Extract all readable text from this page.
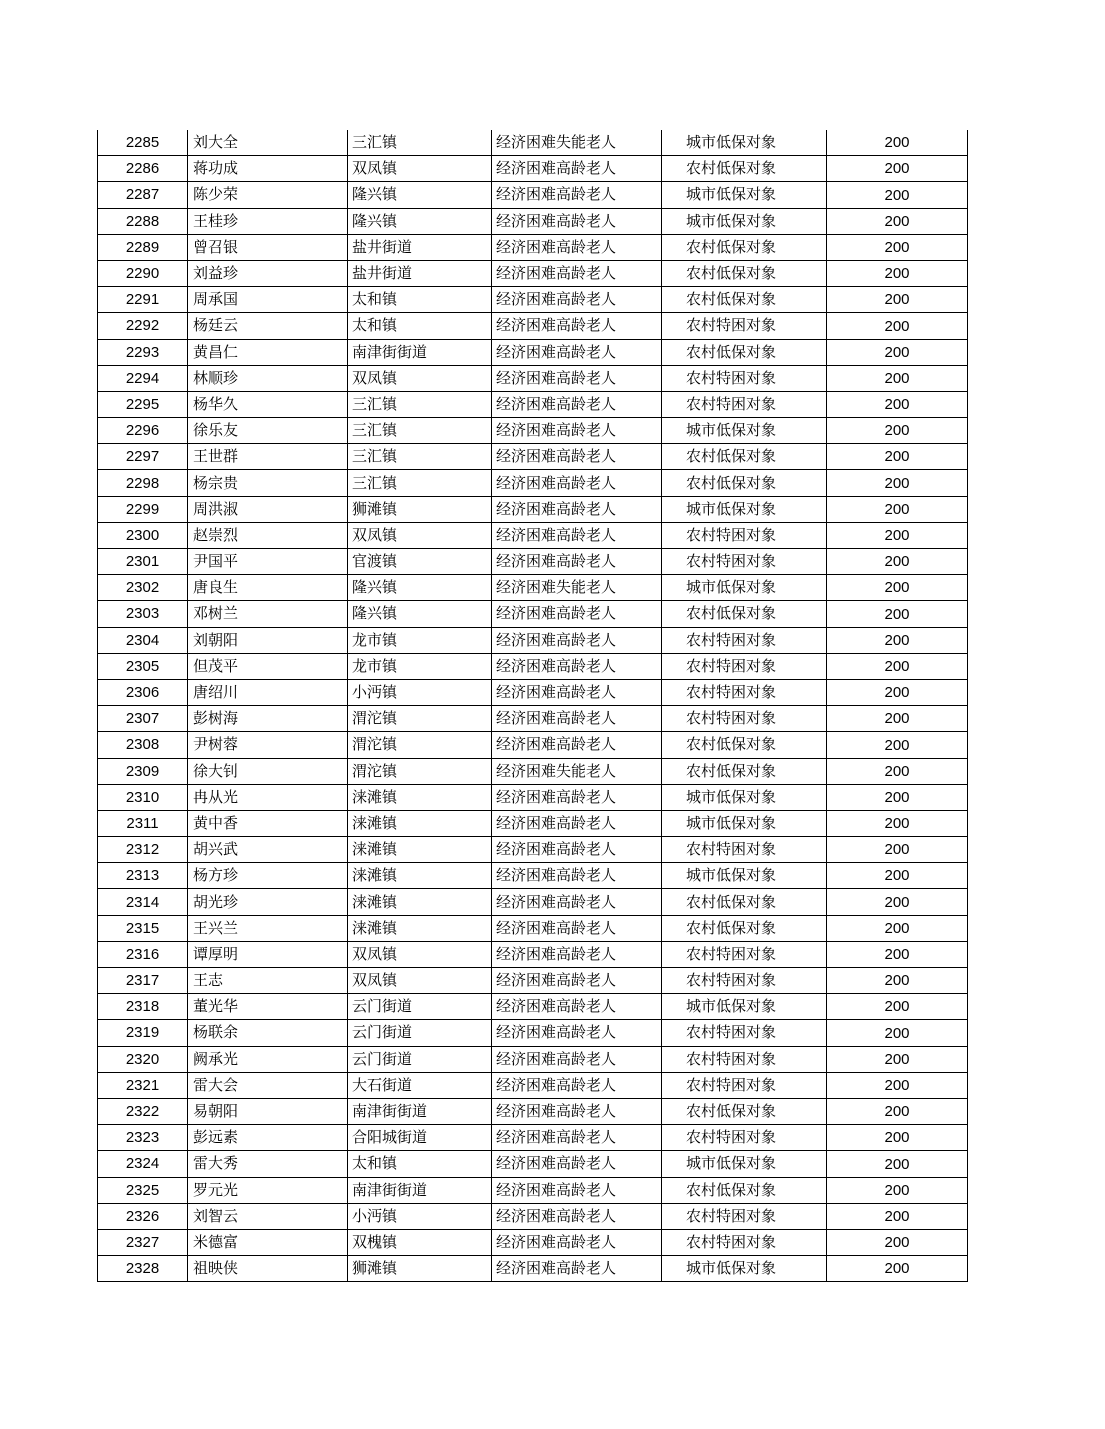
2285	刘大全	三汇镇	经济困难失能老人	城市低保对象	200
2286	蒋功成	双凤镇	经济困难高龄老人	农村低保对象	200
2287	陈少荣	隆兴镇	经济困难高龄老人	城市低保对象	200
2288	王桂珍	隆兴镇	经济困难高龄老人	城市低保对象	200
2289	曾召银	盐井街道	经济困难高龄老人	农村低保对象	200
2290	刘益珍	盐井街道	经济困难高龄老人	农村低保对象	200
2291	周承国	太和镇	经济困难高龄老人	农村低保对象	200
2292	杨廷云	太和镇	经济困难高龄老人	农村特困对象	200
2293	黄昌仁	南津街街道	经济困难高龄老人	农村低保对象	200
2294	林顺珍	双凤镇	经济困难高龄老人	农村特困对象	200
2295	杨华久	三汇镇	经济困难高龄老人	农村特困对象	200
2296	徐乐友	三汇镇	经济困难高龄老人	城市低保对象	200
2297	王世群	三汇镇	经济困难高龄老人	农村低保对象	200
2298	杨宗贵	三汇镇	经济困难高龄老人	农村低保对象	200
2299	周洪淑	狮滩镇	经济困难高龄老人	城市低保对象	200
2300	赵崇烈	双凤镇	经济困难高龄老人	农村特困对象	200
2301	尹国平	官渡镇	经济困难高龄老人	农村特困对象	200
2302	唐良生	隆兴镇	经济困难失能老人	城市低保对象	200
2303	邓树兰	隆兴镇	经济困难高龄老人	农村低保对象	200
2304	刘朝阳	龙市镇	经济困难高龄老人	农村特困对象	200
2305	但茂平	龙市镇	经济困难高龄老人	农村特困对象	200
2306	唐绍川	小沔镇	经济困难高龄老人	农村特困对象	200
2307	彭树海	渭沱镇	经济困难高龄老人	农村特困对象	200
2308	尹树蓉	渭沱镇	经济困难高龄老人	农村低保对象	200
2309	徐大钊	渭沱镇	经济困难失能老人	农村低保对象	200
2310	冉从光	涞滩镇	经济困难高龄老人	城市低保对象	200
2311	黄中香	涞滩镇	经济困难高龄老人	城市低保对象	200
2312	胡兴武	涞滩镇	经济困难高龄老人	农村特困对象	200
2313	杨方珍	涞滩镇	经济困难高龄老人	城市低保对象	200
2314	胡光珍	涞滩镇	经济困难高龄老人	农村低保对象	200
2315	王兴兰	涞滩镇	经济困难高龄老人	农村低保对象	200
2316	谭厚明	双凤镇	经济困难高龄老人	农村特困对象	200
2317	王志	双凤镇	经济困难高龄老人	农村特困对象	200
2318	董光华	云门街道	经济困难高龄老人	城市低保对象	200
2319	杨联余	云门街道	经济困难高龄老人	农村特困对象	200
2320	阙承光	云门街道	经济困难高龄老人	农村特困对象	200
2321	雷大会	大石街道	经济困难高龄老人	农村特困对象	200
2322	易朝阳	南津街街道	经济困难高龄老人	农村低保对象	200
2323	彭远素	合阳城街道	经济困难高龄老人	农村特困对象	200
2324	雷大秀	太和镇	经济困难高龄老人	城市低保对象	200
2325	罗元光	南津街街道	经济困难高龄老人	农村低保对象	200
2326	刘智云	小沔镇	经济困难高龄老人	农村特困对象	200
2327	米德富	双槐镇	经济困难高龄老人	农村特困对象	200
2328	祖映侠	狮滩镇	经济困难高龄老人	城市低保对象	200
